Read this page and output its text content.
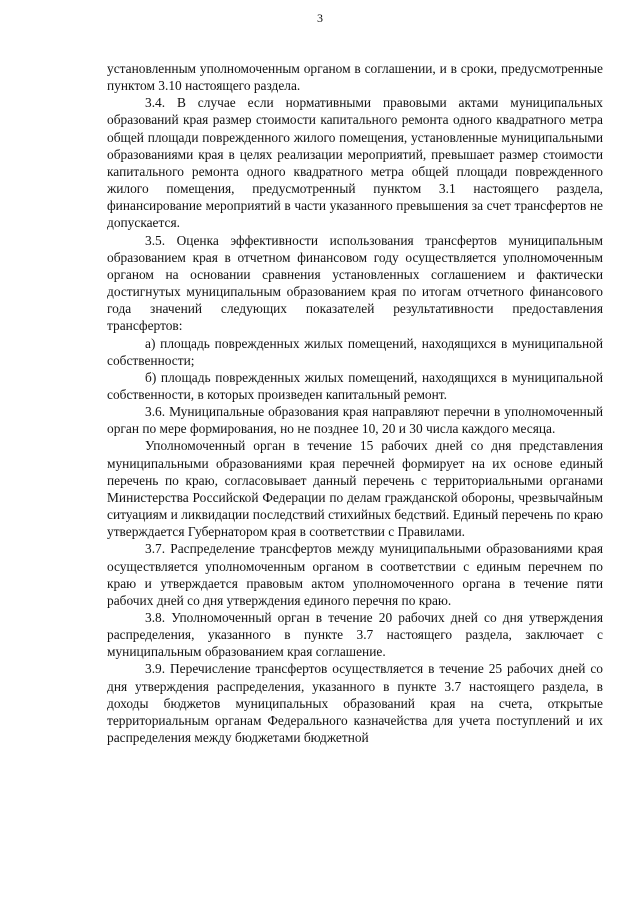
3

установленным уполномоченным органом в соглашении, и в сроки, предусмотренные пунктом 3.10 настоящего раздела.

3.4. В случае если нормативными правовыми актами муниципальных образований края размер стоимости капитального ремонта одного квадратного метра общей площади поврежденного жилого помещения, установленные муниципальными образованиями края в целях реализации мероприятий, превышает размер стоимости капитального ремонта одного квадратного метра общей площади поврежденного жилого помещения, предусмотренный пунктом 3.1 настоящего раздела, финансирование мероприятий в части указанного превышения за счет трансфертов не допускается.

3.5. Оценка эффективности использования трансфертов муниципальным образованием края в отчетном финансовом году осуществляется уполномоченным органом на основании сравнения установленных соглашением и фактически достигнутых муниципальным образованием края по итогам отчетного финансового года значений следующих показателей результативности предоставления трансфертов:

а) площадь поврежденных жилых помещений, находящихся в муниципальной собственности;

б) площадь поврежденных жилых помещений, находящихся в муниципальной собственности, в которых произведен капитальный ремонт.

3.6. Муниципальные образования края направляют перечни в уполномоченный орган по мере формирования, но не позднее 10, 20 и 30 числа каждого месяца.

Уполномоченный орган в течение 15 рабочих дней со дня представления муниципальными образованиями края перечней формирует на их основе единый перечень по краю, согласовывает данный перечень с территориальными органами Министерства Российской Федерации по делам гражданской обороны, чрезвычайным ситуациям и ликвидации последствий стихийных бедствий. Единый перечень по краю утверждается Губернатором края в соответствии с Правилами.

3.7. Распределение трансфертов между муниципальными образованиями края осуществляется уполномоченным органом в соответствии с единым перечнем по краю и утверждается правовым актом уполномоченного органа в течение пяти рабочих дней со дня утверждения единого перечня по краю.

3.8. Уполномоченный орган в течение 20 рабочих дней со дня утверждения распределения, указанного в пункте 3.7 настоящего раздела, заключает с муниципальным образованием края соглашение.

3.9. Перечисление трансфертов осуществляется в течение 25 рабочих дней со дня утверждения распределения, указанного в пункте 3.7 настоящего раздела, в доходы бюджетов муниципальных образований края на счета, открытые территориальным органам Федерального казначейства для учета поступлений и их распределения между бюджетами бюджетной
